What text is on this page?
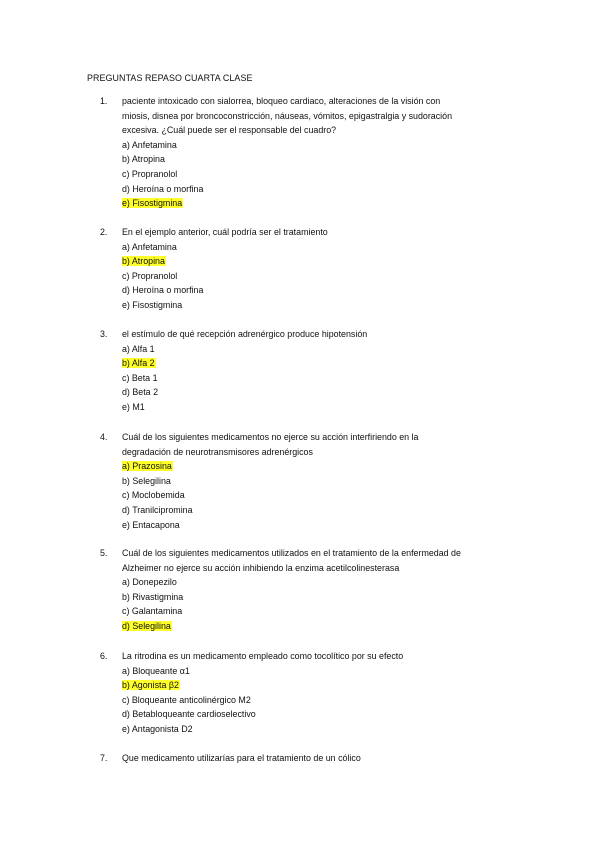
PREGUNTAS REPASO CUARTA CLASE
1. paciente intoxicado con sialorrea, bloqueo cardiaco, alteraciones de la visión con
miosis, disnea por broncoconstricción, náuseas, vómitos, epigastralgia y sudoración
excesiva. ¿Cuál puede ser el responsable del cuadro?
a) Anfetamina
b) Atropina
c) Propranolol
d) Heroína o morfina
e) Fisostigmina
2. En el ejemplo anterior, cuál podría ser el tratamiento
a) Anfetamina
b) Atropina
c) Propranolol
d) Heroína o morfina
e) Fisostigmina
3. el estímulo de qué recepción adrenérgico produce hipotensión
a) Alfa 1
b) Alfa 2
c) Beta 1
d) Beta 2
e) M1
4. Cuál de los siguientes medicamentos no ejerce su acción interfiriendo en la
degradación de neurotransmisores adrenérgicos
a) Prazosina
b) Selegilina
c) Moclobemida
d) Tranilcipromina
e) Entacapona
5. Cuál de los siguientes medicamentos utilizados en el tratamiento de la enfermedad de
Alzheimer no ejerce su acción inhibiendo la enzima acetilcolinesterasa
a) Donepezilo
b) Rivastigmina
c) Galantamina
d) Selegilina
6. La ritrodina es un medicamento empleado como tocolítico por su efecto
a) Bloqueante α1
b) Agonista β2
c) Bloqueante anticolinérgico M2
d) Betabloqueante cardioselectivo
e) Antagonista D2
7. Que medicamento utilizarías para el tratamiento de un cólico
